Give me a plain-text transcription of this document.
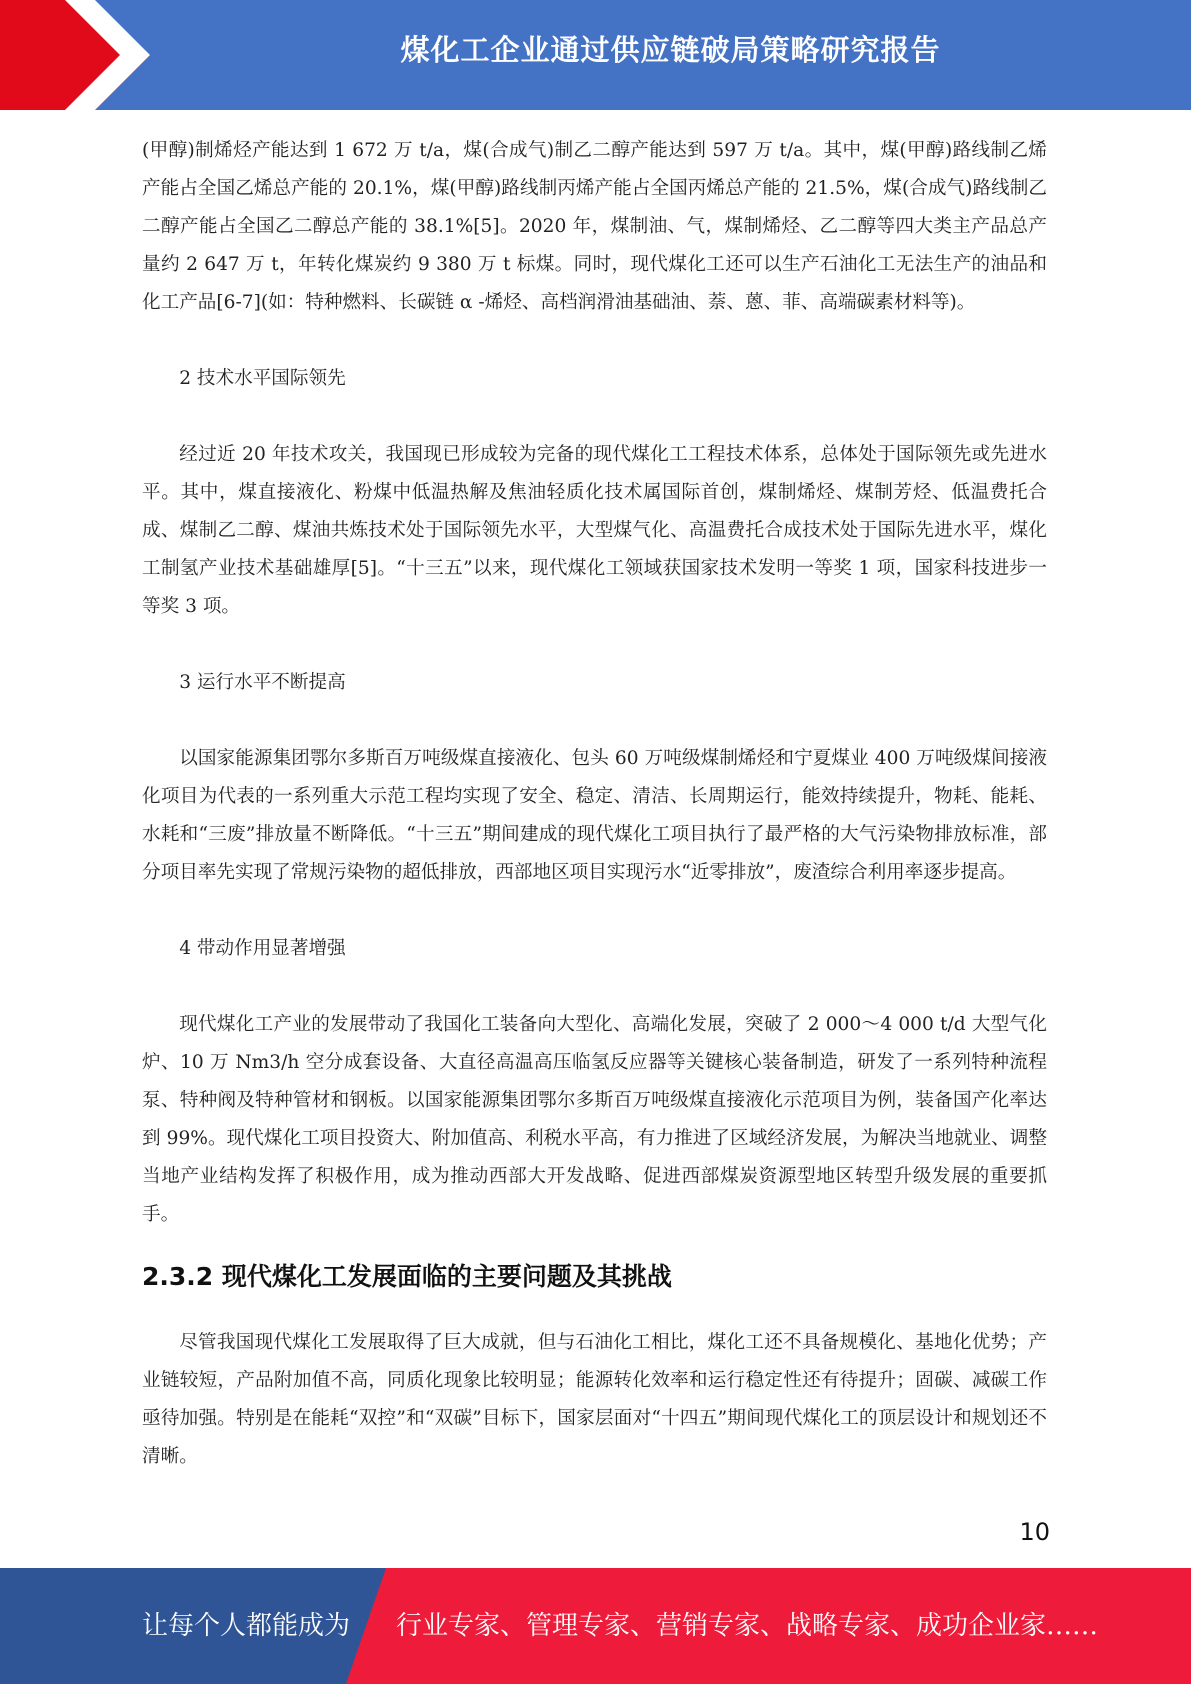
煤化工企业通过供应链破局策略研究报告

(甲醇)制烯烃产能达到 1 672 万 t/a，煤(合成气)制乙二醇产能达到 597 万 t/a。其中，煤(甲醇)路线制乙烯产能占全国乙烯总产能的 20.1%，煤(甲醇)路线制丙烯产能占全国丙烯总产能的 21.5%，煤(合成气)路线制乙二醇产能占全国乙二醇总产能的 38.1%[5]。2020 年，煤制油、气，煤制烯烃、乙二醇等四大类主产品总产量约 2 647 万 t，年转化煤炭约 9 380 万 t 标煤。同时，现代煤化工还可以生产石油化工无法生产的油品和化工产品[6-7](如：特种燃料、长碳链 α -烯烃、高档润滑油基础油、萘、蒽、菲、高端碳素材料等)。

2 技术水平国际领先

经过近 20 年技术攻关，我国现已形成较为完备的现代煤化工工程技术体系，总体处于国际领先或先进水平。其中，煤直接液化、粉煤中低温热解及焦油轻质化技术属国际首创，煤制烯烃、煤制芳烃、低温费托合成、煤制乙二醇、煤油共炼技术处于国际领先水平，大型煤气化、高温费托合成技术处于国际先进水平，煤化工制氢产业技术基础雄厚[5]。“十三五”以来，现代煤化工领域获国家技术发明一等奖 1 项，国家科技进步一等奖 3 项。

3 运行水平不断提高

以国家能源集团鄂尔多斯百万吨级煤直接液化、包头 60 万吨级煤制烯烃和宁夏煤业 400 万吨级煤间接液化项目为代表的一系列重大示范工程均实现了安全、稳定、清洁、长周期运行，能效持续提升，物耗、能耗、水耗和“三废”排放量不断降低。“十三五”期间建成的现代煤化工项目执行了最严格的大气污染物排放标准，部分项目率先实现了常规污染物的超低排放，西部地区项目实现污水“近零排放”，废渣综合利用率逐步提高。

4 带动作用显著增强

现代煤化工产业的发展带动了我国化工装备向大型化、高端化发展，突破了 2 000～4 000 t/d 大型气化炉、10 万 Nm3/h 空分成套设备、大直径高温高压临氢反应器等关键核心装备制造，研发了一系列特种流程泵、特种阀及特种管材和钢板。以国家能源集团鄂尔多斯百万吨级煤直接液化示范项目为例，装备国产化率达到 99%。现代煤化工项目投资大、附加值高、利税水平高，有力推进了区域经济发展，为解决当地就业、调整当地产业结构发挥了积极作用，成为推动西部大开发战略、促进西部煤炭资源型地区转型升级发展的重要抓手。

2.3.2 现代煤化工发展面临的主要问题及其挑战

尽管我国现代煤化工发展取得了巨大成就，但与石油化工相比，煤化工还不具备规模化、基地化优势；产业链较短，产品附加值不高，同质化现象比较明显；能源转化效率和运行稳定性还有待提升；固碳、减碳工作亟待加强。特别是在能耗“双控”和“双碳”目标下，国家层面对“十四五”期间现代煤化工的顶层设计和规划还不清晰。

10
让每个人都能成为 行业专家、管理专家、营销专家、战略专家、成功企业家……
